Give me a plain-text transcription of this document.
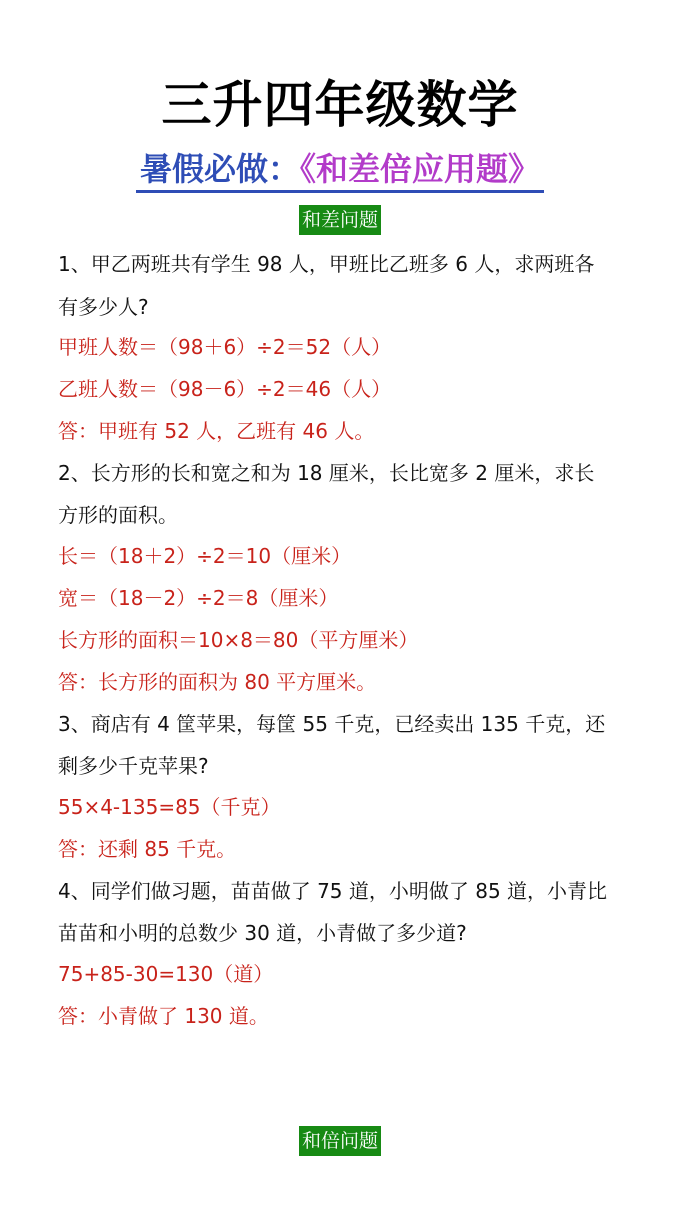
三升四年级数学
暑假必做：《和差倍应用题》
和差问题
1、甲乙两班共有学生 98 人，甲班比乙班多 6 人，求两班各
有多少人?
甲班人数＝（98＋6）÷2＝52（人）
乙班人数＝（98－6）÷2＝46（人）
答：甲班有 52 人，乙班有 46 人。
2、长方形的长和宽之和为 18 厘米，长比宽多 2 厘米，求长
方形的面积。
长＝（18＋2）÷2＝10（厘米）
宽＝（18－2）÷2＝8（厘米）
长方形的面积＝10×8＝80（平方厘米）
答：长方形的面积为 80 平方厘米。
3、商店有 4 筐苹果，每筐 55 千克，已经卖出 135 千克，还
剩多少千克苹果?
55×4-135=85（千克）
答：还剩 85 千克。
4、同学们做习题，苗苗做了 75 道，小明做了 85 道，小青比
苗苗和小明的总数少 30 道，小青做了多少道?
75+85-30=130（道）
答：小青做了 130 道。
和倍问题
